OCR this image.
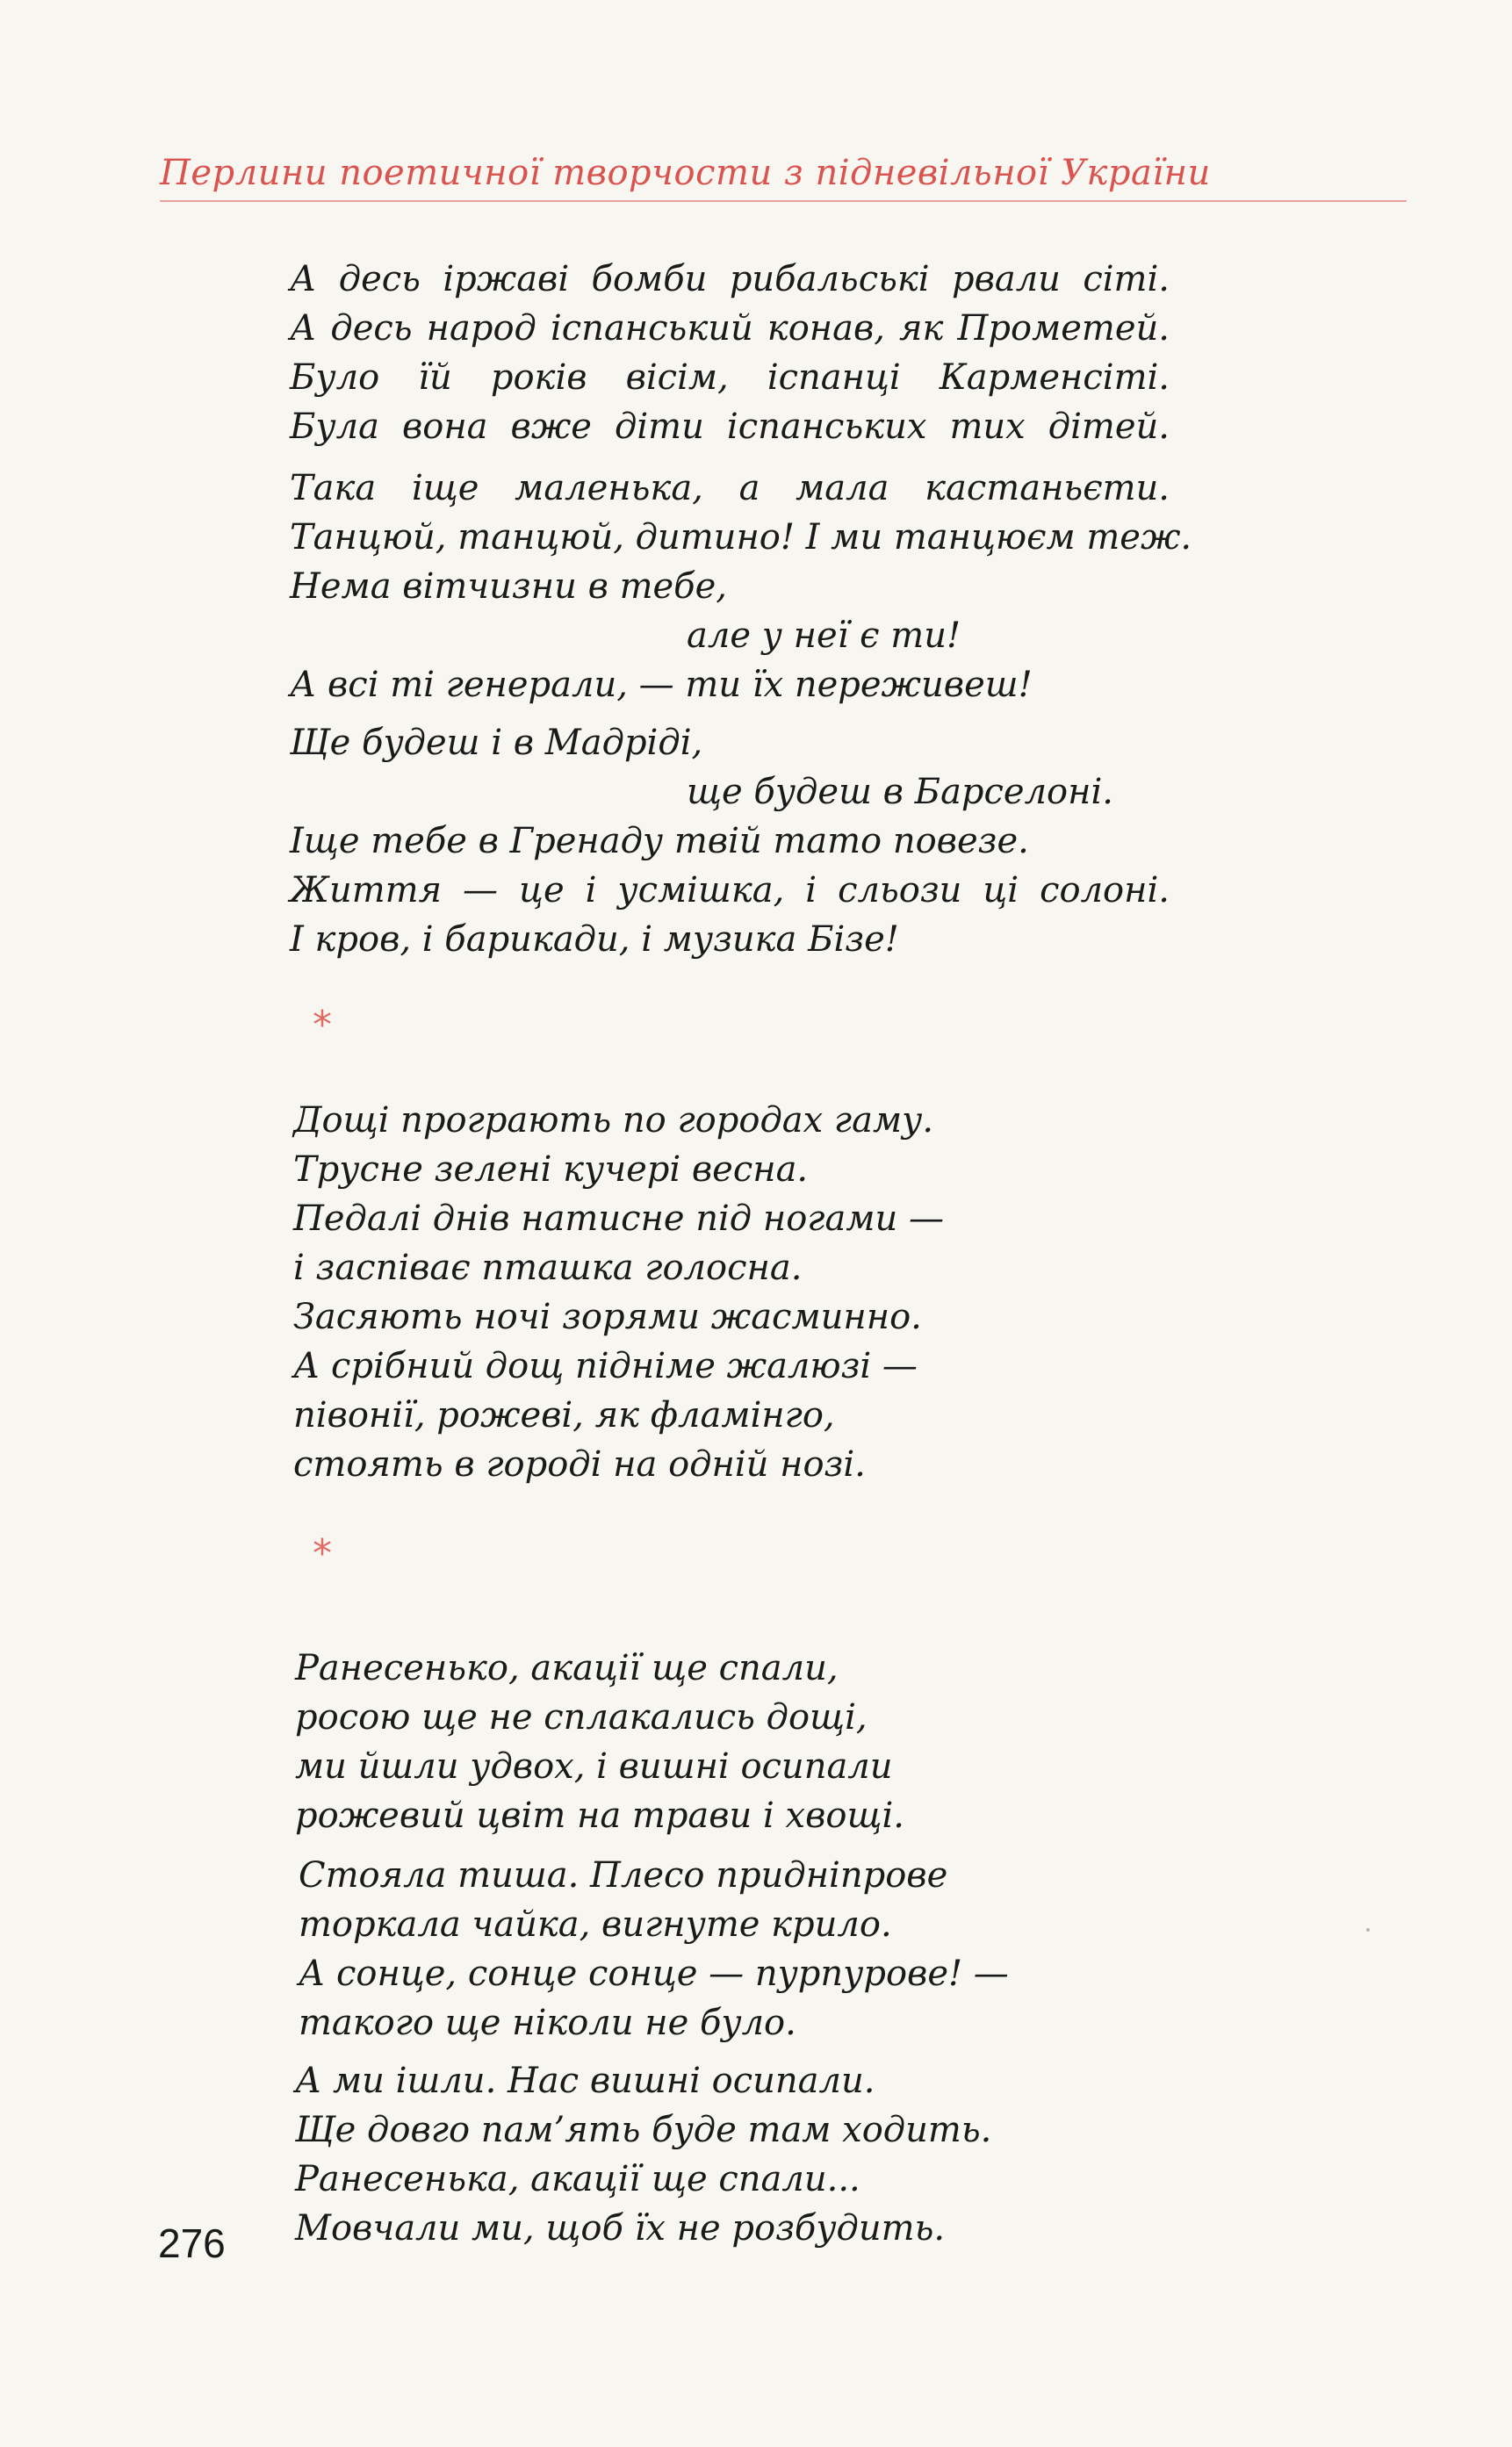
Перлини поетичної творчости з підневільної України
А десь іржаві бомби рибальські рвали сіті.
А десь народ іспанський конав, як Прометей.
Було їй років вісім, іспанці Карменсіті.
Була вона вже діти іспанських тих дітей.
Така іще маленька, а мала кастаньєти.
Танцюй, танцюй, дитино! І ми танцюєм теж.
Нема вітчизни в тебе,
але у неї є ти!
А всі ті генерали, — ти їх переживеш!
Ще будеш і в Мадріді,
ще будеш в Барселоні.
Іще тебе в Гренаду твій тато повезе.
Життя — це і усмішка, і сльози ці солоні.
І кров, і барикади, і музика Бізе!
*
Дощі програють по городах гаму.
Трусне зелені кучері весна.
Педалі днів натисне під ногами —
і заспіває пташка голосна.
Засяють ночі зорями жасминно.
А срібний дощ підніме жалюзі —
півонії, рожеві, як фламінго,
стоять в городі на одній нозі.
*
Ранесенько, акації ще спали,
росою ще не сплакались дощі,
ми йшли удвох, і вишні осипали
рожевий цвіт на трави і хвощі.
Стояла тиша. Плесо придніпрове
торкала чайка, вигнуте крило.
А сонце, сонце сонце — пурпурове! —
такого ще ніколи не було.
А ми ішли. Нас вишні осипали.
Ще довго пам’ять буде там ходить.
Ранесенька, акації ще спали...
Мовчали ми, щоб їх не розбудить.
276
